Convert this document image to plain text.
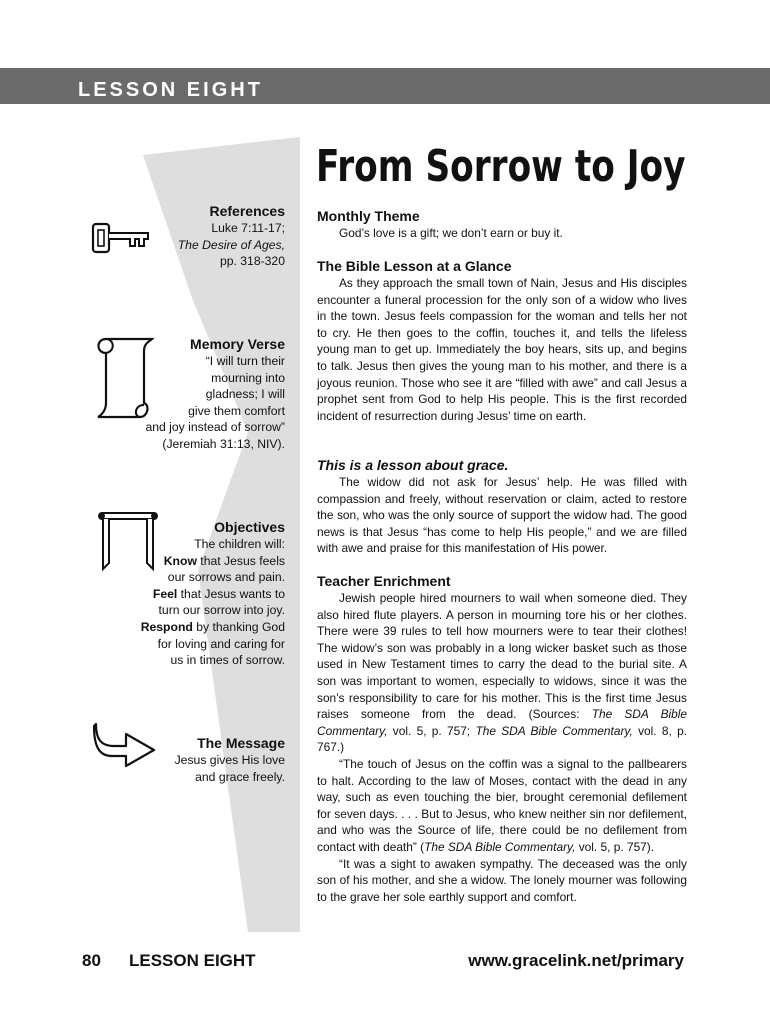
LESSON EIGHT
From Sorrow to Joy
References

Luke 7:11-17;

The Desire of Ages,

pp. 318-320

Memory Verse

“I will turn their

mourning into

gladness; I will

give them comfort

and joy instead of sorrow”

(Jeremiah 31:13, NIV).

Objectives

The children will:

Know that Jesus feels

our sorrows and pain.

Feel that Jesus wants to

turn our sorrow into joy.

Respond by thanking God

for loving and caring for

us in times of sorrow.

The Message

Jesus gives His love

and grace freely.

Monthly Theme

God’s love is a gift; we don’t earn or buy it.

The Bible Lesson at a Glance

As they approach the small town of Nain, Jesus and His disciples encounter a funeral procession for the only son of a widow who lives in the town. Jesus feels compassion for the woman and tells her not to cry. He then goes to the coffin, touches it, and tells the lifeless young man to get up. Immediately the boy hears, sits up, and begins to talk. Jesus then gives the young man to his mother, and there is a joyous reunion. Those who see it are “filled with awe” and call Jesus a prophet sent from God to help His people. This is the first recorded incident of resurrection during Jesus’ time on earth.

This is a lesson about grace.

The widow did not ask for Jesus’ help. He was filled with compassion and freely, without reservation or claim, acted to restore the son, who was the only source of support the widow had. The good news is that Jesus “has come to help His people,” and we are filled with awe and praise for this manifestation of His power.

Teacher Enrichment

Jewish people hired mourners to wail when someone died. They also hired flute players. A person in mourning tore his or her clothes. There were 39 rules to tell how mourners were to tear their clothes! The widow’s son was probably in a long wicker basket such as those used in New Testament times to carry the dead to the burial site. A son was important to women, especially to widows, since it was the son’s responsibility to care for his mother. This is the first time Jesus raises someone from the dead. (Sources: The SDA Bible Commentary, vol. 5, p. 757; The SDA Bible Commentary, vol. 8, p. 767.)

“The touch of Jesus on the coffin was a signal to the pallbearers to halt. According to the law of Moses, contact with the dead in any way, such as even touching the bier, brought ceremonial defilement for seven days. . . . But to Jesus, who knew neither sin nor defilement, and who was the Source of life, there could be no defilement from contact with death” (The SDA Bible Commentary, vol. 5, p. 757).

“It was a sight to awaken sympathy. The deceased was the only son of his mother, and she a widow. The lonely mourner was following to the grave her sole earthly support and comfort.

80 LESSON EIGHT	www.gracelink.net/primary
